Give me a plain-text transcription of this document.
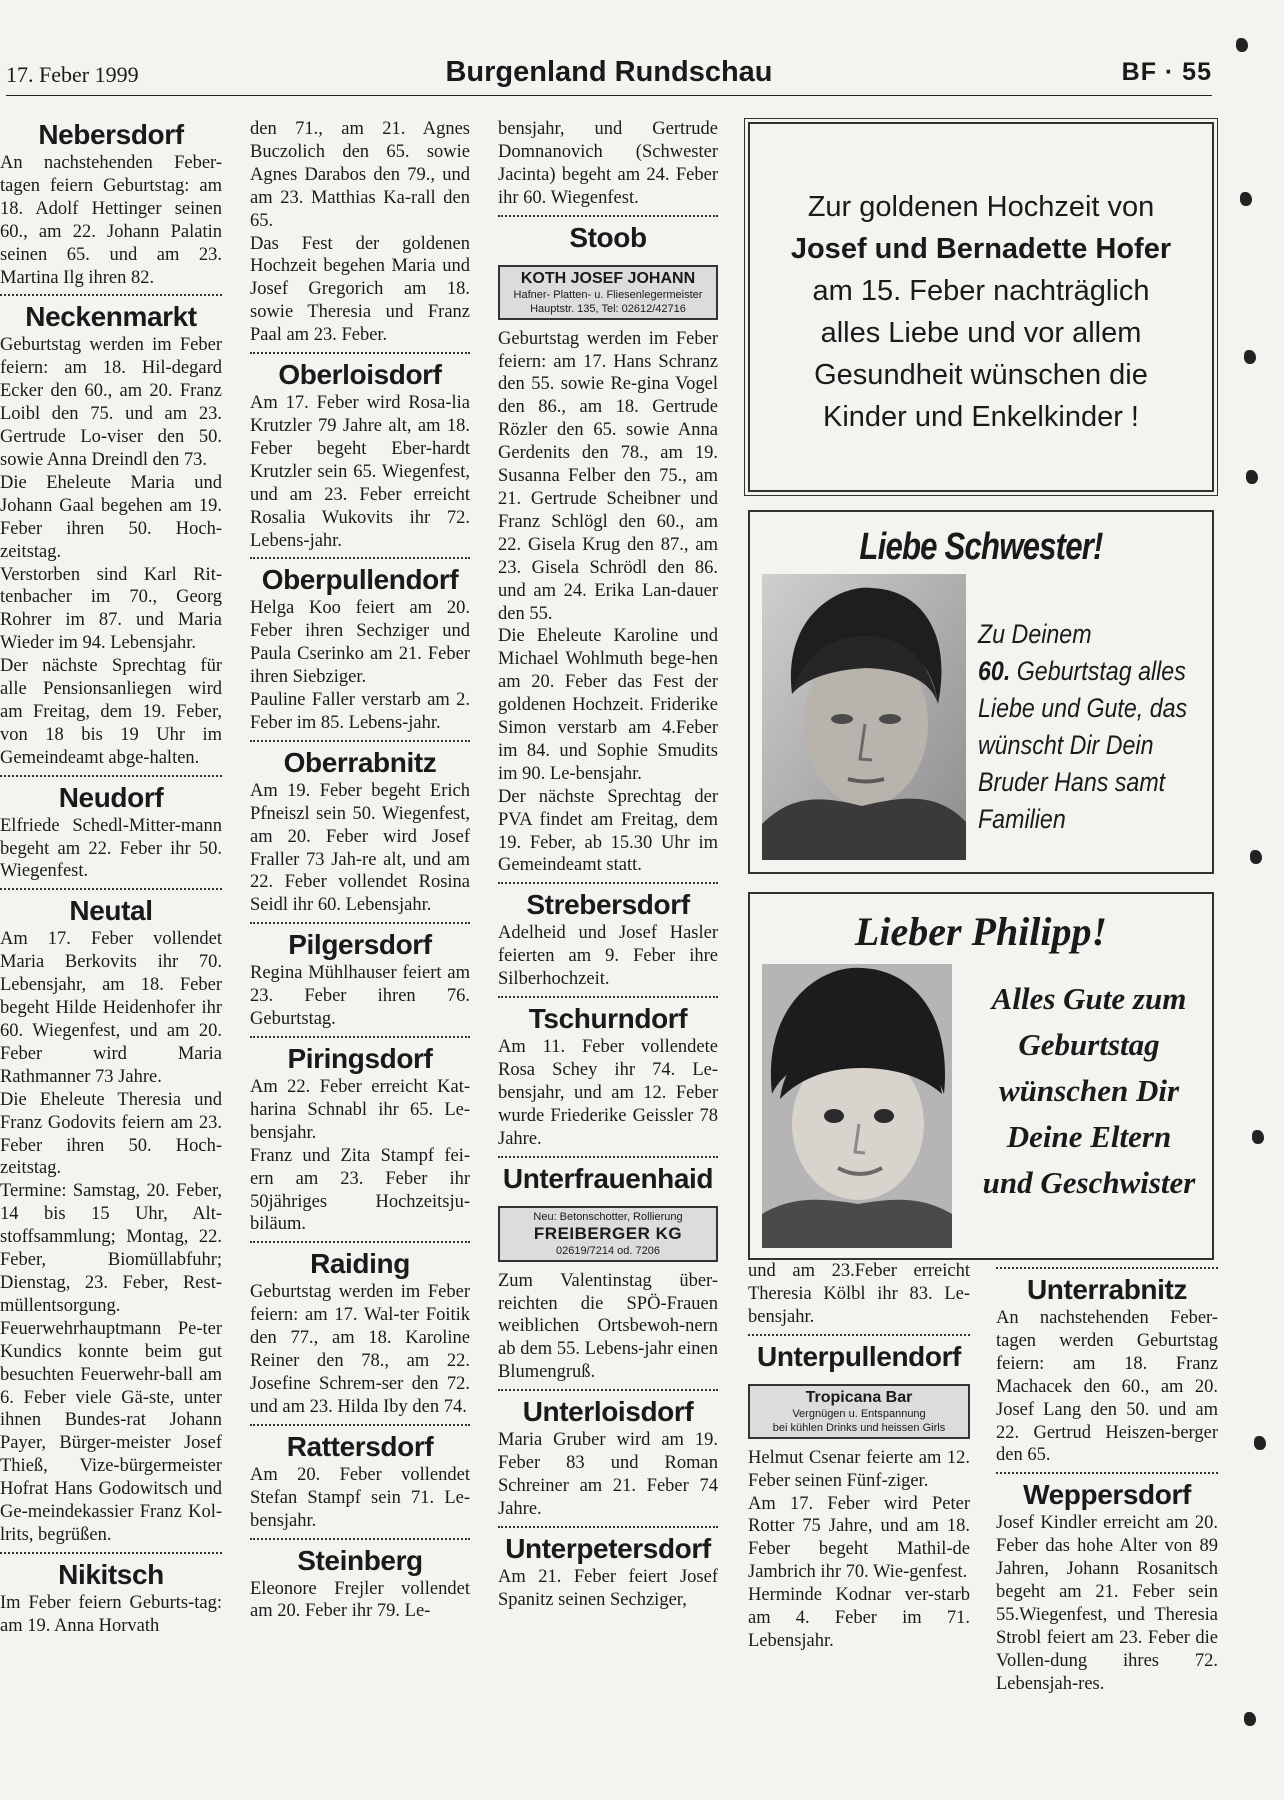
17. Feber 1999	Burgenland Rundschau	BF · 55
Nebersdorf
An nachstehenden Feber-tagen feiern Geburtstag: am 18. Adolf Hettinger seinen 60., am 22. Johann Palatin seinen 65. und am 23. Martina Ilg ihren 82.
Neckenmarkt
Geburtstag werden im Feber feiern: am 18. Hil-degard Ecker den 60., am 20. Franz Loibl den 75. und am 23. Gertrude Lo-viser den 50. sowie Anna Dreindl den 73.
Die Eheleute Maria und Johann Gaal begehen am 19. Feber ihren 50. Hoch-zeitstag.
Verstorben sind Karl Rit-tenbacher im 70., Georg Rohrer im 87. und Maria Wieder im 94. Lebensjahr.
Der nächste Sprechtag für alle Pensionsanliegen wird am Freitag, dem 19. Feber, von 18 bis 19 Uhr im Gemeindeamt abge-halten.
Neudorf
Elfriede Schedl-Mitter-mann begeht am 22. Feber ihr 50. Wiegenfest.
Neutal
Am 17. Feber vollendet Maria Berkovits ihr 70. Lebensjahr, am 18. Feber begeht Hilde Heidenhofer ihr 60. Wiegenfest, und am 20. Feber wird Maria Rathmanner 73 Jahre.
Die Eheleute Theresia und Franz Godovits feiern am 23. Feber ihren 50. Hoch-zeitstag.
Termine: Samstag, 20. Feber, 14 bis 15 Uhr, Alt-stoffsammlung; Montag, 22. Feber, Biomüllabfuhr; Dienstag, 23. Feber, Rest-müllentsorgung.
Feuerwehrhauptmann Pe-ter Kundics konnte beim gut besuchten Feuerwehr-ball am 6. Feber viele Gä-ste, unter ihnen Bundes-rat Johann Payer, Bürger-meister Josef Thieß, Vize-bürgermeister Hofrat Hans Godowitsch und Ge-meindekassier Franz Kol-lrits, begrüßen.
Nikitsch
Im Feber feiern Geburts-tag: am 19. Anna Horvath
den 71., am 21. Agnes Buczolich den 65. sowie Agnes Darabos den 79., und am 23. Matthias Ka-rall den 65.
Das Fest der goldenen Hochzeit begehen Maria und Josef Gregorich am 18. sowie Theresia und Franz Paal am 23. Feber.
Oberloisdorf
Am 17. Feber wird Rosa-lia Krutzler 79 Jahre alt, am 18. Feber begeht Eber-hardt Krutzler sein 65. Wiegenfest, und am 23. Feber erreicht Rosalia Wukovits ihr 72. Lebens-jahr.
Oberpullendorf
Helga Koo feiert am 20. Feber ihren Sechziger und Paula Cserinko am 21. Feber ihren Siebziger.
Pauline Faller verstarb am 2. Feber im 85. Lebens-jahr.
Oberrabnitz
Am 19. Feber begeht Erich Pfneiszl sein 50. Wiegenfest, am 20. Feber wird Josef Fraller 73 Jah-re alt, und am 22. Feber vollendet Rosina Seidl ihr 60. Lebensjahr.
Pilgersdorf
Regina Mühlhauser feiert am 23. Feber ihren 76. Geburtstag.
Piringsdorf
Am 22. Feber erreicht Kat-harina Schnabl ihr 65. Le-bensjahr.
Franz und Zita Stampf fei-ern am 23. Feber ihr 50jähriges Hochzeitsju-biläum.
Raiding
Geburtstag werden im Feber feiern: am 17. Wal-ter Foitik den 77., am 18. Karoline Reiner den 78., am 22. Josefine Schrem-ser den 72. und am 23. Hilda Iby den 74.
Rattersdorf
Am 20. Feber vollendet Stefan Stampf sein 71. Le-bensjahr.
Steinberg
Eleonore Frejler vollendet am 20. Feber ihr 79. Le-
bensjahr, und Gertrude Domnanovich (Schwester Jacinta) begeht am 24. Feber ihr 60. Wiegenfest.
Stoob
KOTH JOSEF JOHANN
Hafner- Platten- u. Fliesenlegermeister
Hauptstr. 135, Tel: 02612/42716
Geburtstag werden im Feber feiern: am 17. Hans Schranz den 55. sowie Re-gina Vogel den 86., am 18. Gertrude Rözler den 65. sowie Anna Gerdenits den 78., am 19. Susanna Felber den 75., am 21. Gertrude Scheibner und Franz Schlögl den 60., am 22. Gisela Krug den 87., am 23. Gisela Schrödl den 86. und am 24. Erika Lan-dauer den 55.
Die Eheleute Karoline und Michael Wohlmuth bege-hen am 20. Feber das Fest der goldenen Hochzeit. Friderike Simon verstarb am 4.Feber im 84. und Sophie Smudits im 90. Le-bensjahr.
Der nächste Sprechtag der PVA findet am Freitag, dem 19. Feber, ab 15.30 Uhr im Gemeindeamt statt.
Strebersdorf
Adelheid und Josef Hasler feierten am 9. Feber ihre Silberhochzeit.
Tschurndorf
Am 11. Feber vollendete Rosa Schey ihr 74. Le-bensjahr, und am 12. Feber wurde Friederike Geissler 78 Jahre.
Unterfrauenhaid
Neu: Betonschotter, Rollierung
FREIBERGER KG
02619/7214 od. 7206
Zum Valentinstag über-reichten die SPÖ-Frauen weiblichen Ortsbewoh-nern ab dem 55. Lebens-jahr einen Blumengruß.
Unterloisdorf
Maria Gruber wird am 19. Feber 83 und Roman Schreiner am 21. Feber 74 Jahre.
Unterpetersdorf
Am 21. Feber feiert Josef Spanitz seinen Sechziger,
und am 23.Feber erreicht Theresia Kölbl ihr 83. Le-bensjahr.
Unterpullendorf
Tropicana Bar
Vergnügen u. Entspannung
bei kühlen Drinks und heissen Girls
Helmut Csenar feierte am 12. Feber seinen Fünf-ziger.
Am 17. Feber wird Peter Rotter 75 Jahre, und am 18. Feber begeht Mathil-de Jambrich ihr 70. Wie-genfest.
Herminde Kodnar ver-starb am 4. Feber im 71. Lebensjahr.
Unterrabnitz
An nachstehenden Feber-tagen werden Geburtstag feiern: am 18. Franz Machacek den 60., am 20. Josef Lang den 50. und am 22. Gertrud Heiszen-berger den 65.
Weppersdorf
Josef Kindler erreicht am 20. Feber das hohe Alter von 89 Jahren, Johann Rosanitsch begeht am 21. Feber sein 55.Wiegenfest, und Theresia Strobl feiert am 23. Feber die Vollen-dung ihres 72. Lebensjah-res.
Zur goldenen Hochzeit von
Josef und Bernadette Hofer
am 15. Feber nachträglich
alles Liebe und vor allem
Gesundheit wünschen die
Kinder und Enkelkinder !
Liebe Schwester!
Zu Deinem
60. Geburtstag alles
Liebe und Gute, das
wünscht Dir Dein
Bruder Hans samt
Familien
Lieber Philipp!
Alles Gute zum
Geburtstag
wünschen Dir
Deine Eltern
und Geschwister
